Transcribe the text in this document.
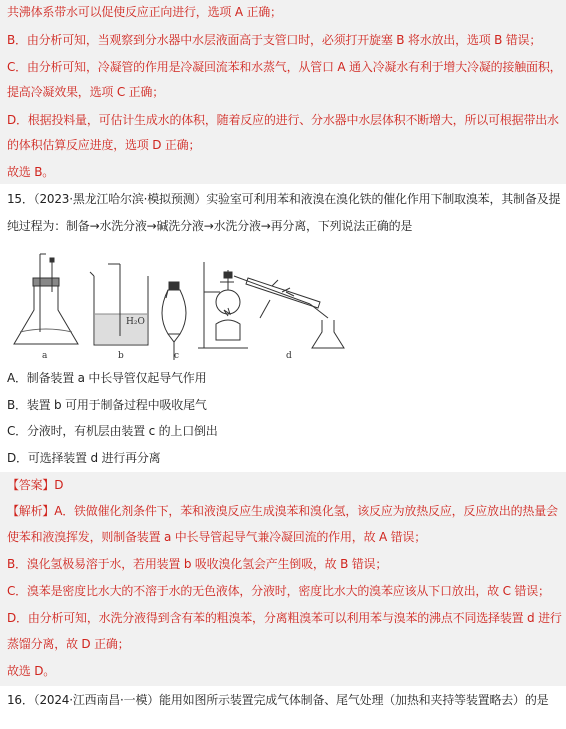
共沸体系带水可以促使反应正向进行，选项 A 正确；
B．由分析可知，当观察到分水器中水层液面高于支管口时，必须打开旋塞 B 将水放出，选项 B 错误；
C．由分析可知，冷凝管的作用是冷凝回流苯和水蒸气，从管口 A 通入冷凝水有利于增大冷凝的接触面积，
提高冷凝效果，选项 C 正确；
D．根据投料量，可估计生成水的体积，随着反应的进行、分水器中水层体积不断增大，所以可根据带出水
的体积估算反应进度，选项 D 正确；
故选 B。
15．（2023·黑龙江哈尔滨·模拟预测）实验室可利用苯和液溴在溴化铁的催化作用下制取溴苯，其制备及提
纯过程为：制备→水洗分液→碱洗分液→水洗分液→再分离，下列说法正确的是
a	b	c	d
H₂O
A．制备装置 a 中长导管仅起导气作用
B．装置 b 可用于制备过程中吸收尾气
C．分液时，有机层由装置 c 的上口倒出
D．可选择装置 d 进行再分离
【答案】D
【解析】A．铁做催化剂条件下，苯和液溴反应生成溴苯和溴化氢，该反应为放热反应，反应放出的热量会
使苯和液溴挥发，则制备装置 a 中长导管起导气兼冷凝回流的作用，故 A 错误；
B．溴化氢极易溶于水，若用装置 b 吸收溴化氢会产生倒吸，故 B 错误；
C．溴苯是密度比水大的不溶于水的无色液体，分液时，密度比水大的溴苯应该从下口放出，故 C 错误；
D．由分析可知，水洗分液得到含有苯的粗溴苯，分离粗溴苯可以利用苯与溴苯的沸点不同选择装置 d 进行
蒸馏分离，故 D 正确；
故选 D。
16．（2024·江西南昌·一模）能用如图所示装置完成气体制备、尾气处理（加热和夹持等装置略去）的是
